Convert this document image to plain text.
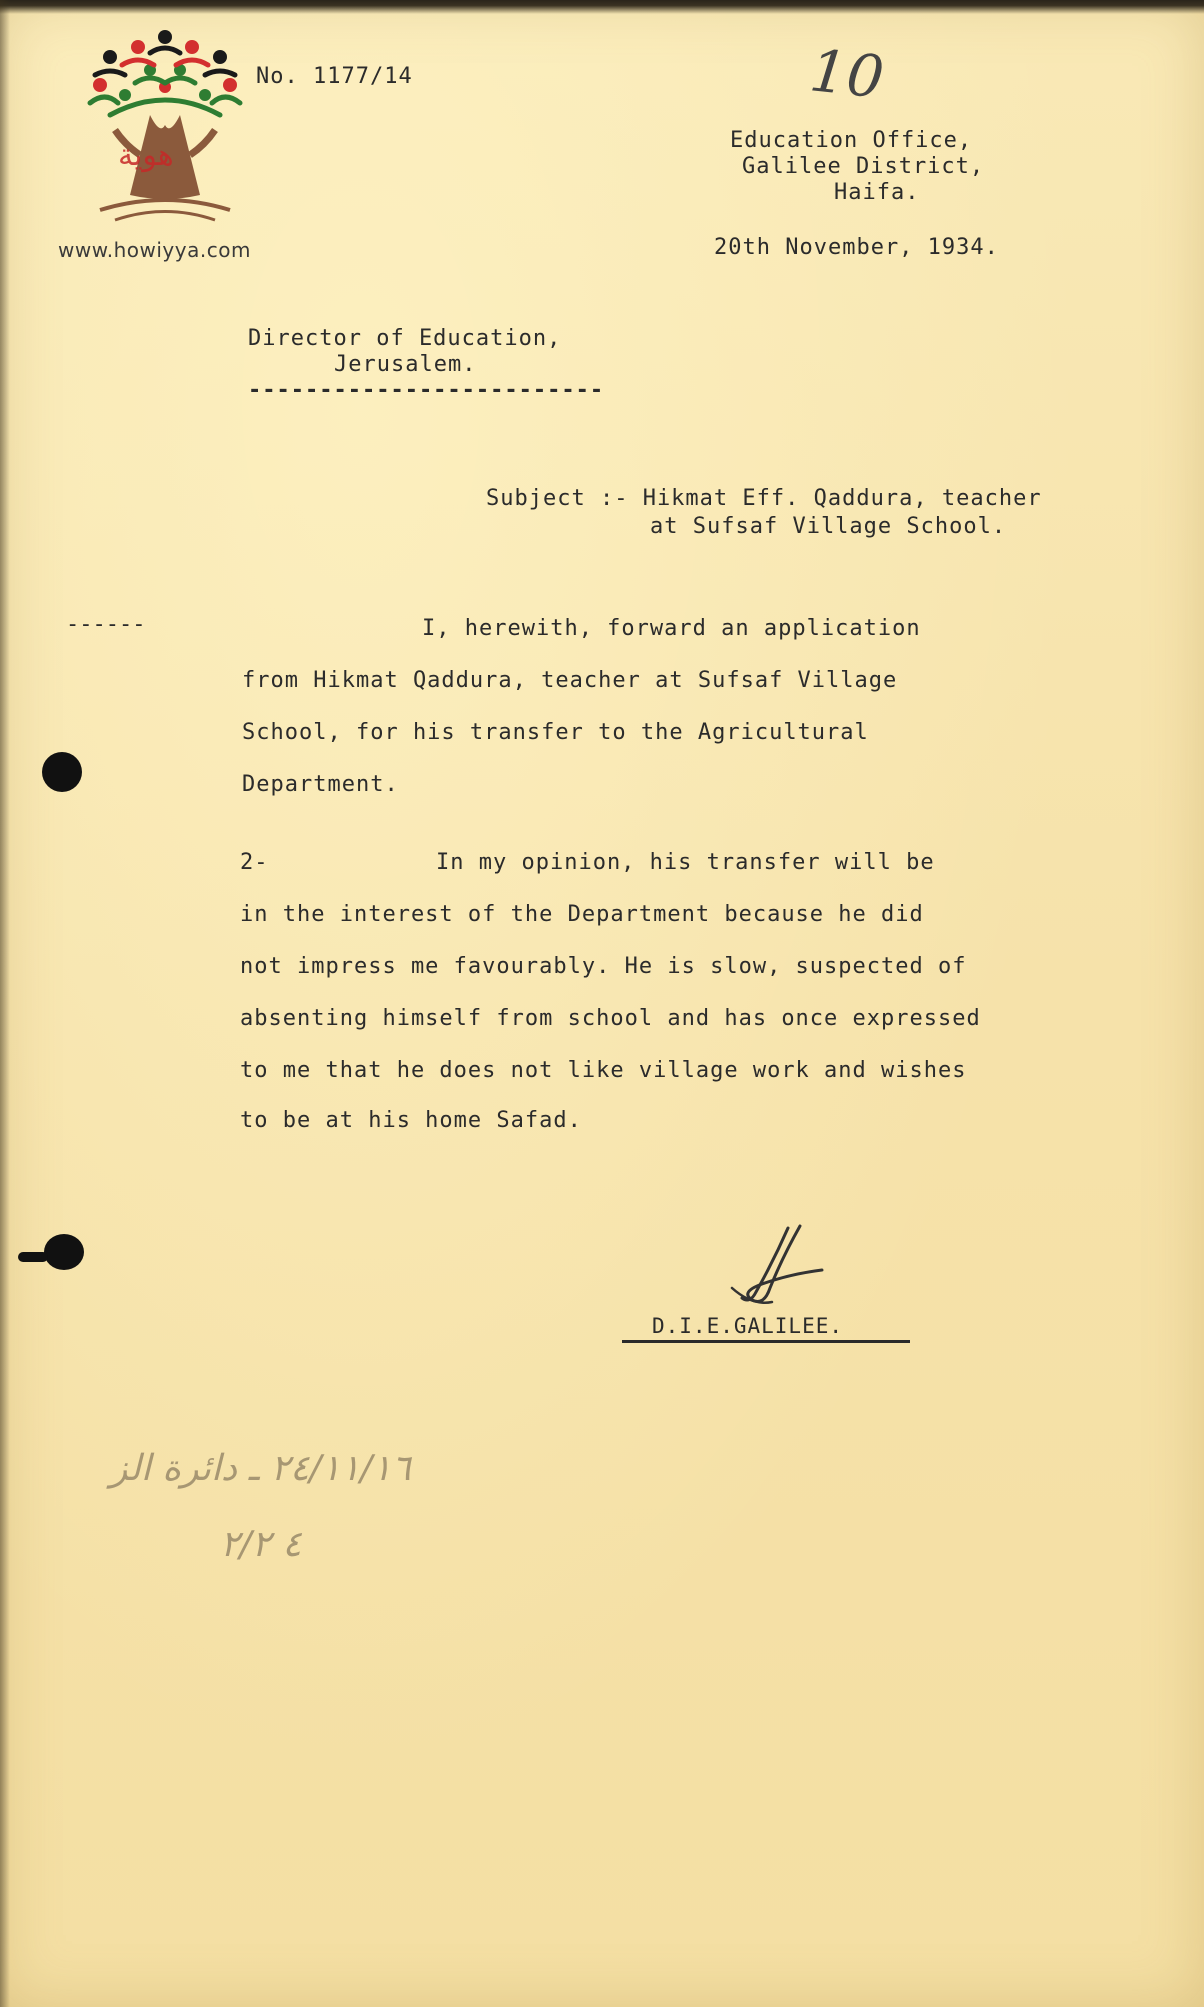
هوية
www.howiyya.com
No. 1177/14	10
Education Office,
Galilee District,
Haifa.
20th November, 1934.
Director of Education,
Jerusalem.
-------------------------
Subject :- Hikmat Eff. Qaddura, teacher
at Sufsaf Village School.
------	I, herewith, forward an application
from Hikmat Qaddura, teacher at Sufsaf Village
School, for his transfer to the Agricultural
Department.
2-	In my opinion, his transfer will be
in the interest of the Department because he did
not impress me favourably. He is slow, suspected of
absenting himself from school and has once expressed
to me that he does not like village work and wishes
to be at his home Safad.
D.I.E.GALILEE.
٢٤/١١/١٦ ـ دائرة الز
٤ ٢/٢
